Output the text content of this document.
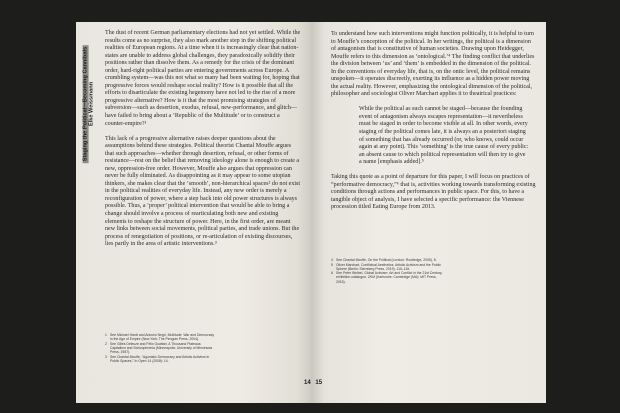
Staging the Political—Becoming Cannibals Elke Weissmann

The dust of recent German parliamentary elections had not yet settled. While the results come as no surprise, they also mark another step in the shifting political realities of European regions. At a time when it is increasingly clear that nation-states are unable to address global challenges, they paradoxically solidify their positions rather than dissolve them. As a remedy for the crisis of the dominant order, hard-right political parties are entering governments across Europe. A crumbling system—was this not what so many had been waiting for, hoping that progressive forces would reshape social reality? How is it possible that all the efforts to disarticulate the existing hegemony have not led to the rise of a more progressive alternative? How is it that the most promising strategies of subversion—such as desertion, exodus, refusal, new-performance, and glitch—have failed to bring about a ‘Republic of the Multitude’ or to construct a counter-empire?¹

This lack of a progressive alternative raises deeper questions about the assumptions behind these strategies. Political theorist Chantal Mouffe argues that such approaches—whether through desertion, refusal, or other forms of resistance—rest on the belief that removing ideology alone is enough to create a new, oppression-free order. However, Mouffe also argues that oppression can never be fully eliminated. As disappointing as it may appear to some utopian thinkers, she makes clear that the ‘smooth’, non-hierarchical spaces² do not exist in the political realities of everyday life. Instead, any new order is merely a reconfiguration of power, where a step back into old power structures is always possible. Thus, a ‘proper’ political intervention that would be able to bring a change should involve a process of rearticulating both new and existing elements to reshape the structure of power. Here, in the first order, are meant new links between social movements, political parties, and trade unions. But the process of renegotiation of positions, or re-articulation of existing discourses, lies partly in the area of artistic interventions.³

1 See Michael Hardt and Antonio Negri, Multitude: War and Democracy in the Age of Empire (New York: The Penguin Press, 2004).
2 See Gilles Deleuze and Félix Guattari, A Thousand Plateaus: Capitalism and Schizophrenia (Minneapolis: University of Minnesota Press, 1987).
3 See Chantal Mouffe, “Agonistic Democracy and Artistic Activism in Public Spaces,” In Open 14 (2008): 14.

To understand how such interventions might function politically, it is helpful to turn to Mouffe’s conception of the political. In her writings, the political is a dimension of antagonism that is constitutive of human societies. Drawing upon Heidegger, Mouffe refers to this dimension as ‘ontological.’⁴ The finding conflict that underlies the division between ‘us’ and ‘them’ is embedded in the dimension of the political. In the conventions of everyday life, that is, on the ontic level, the political remains unspoken—it operates discreetly, exerting its influence as a hidden power moving the actual reality. However, emphasizing the ontological dimension of the political, philosopher and sociologist Oliver Marchart applies it to theatrical practices:

While the political as such cannot be staged—because the founding event of antagonism always escapes representation—it nevertheless must be staged in order to become visible at all. In other words, every staging of the political comes late, it is always an a posteriori staging of something that has already occurred (or, who knows, could occur again at any point). This ‘something’ is the true cause of every public: an absent cause to which political representation will then try to give a name [emphasis added].⁵

Taking this quote as a point of departure for this paper, I will focus on practices of “performative democracy,”⁶ that is, activities working towards transforming existing conditions through actions and performances in public space. For this, to have a tangible object of analysis, I have selected a specific performance: the Viennese procession titled Eating Europe from 2013.

4 See Chantal Mouffe, On the Political (London: Routledge, 2005), 8.
5 Oliver Marchart, Conflictual Aesthetics: Artistic Activism and the Public Sphere (Berlin: Sternberg Press, 2019), 115–116.
6 See Peter Weibel, Global Activism: Art and Conflict in the 21st Century, exhibition catalogue, ZKM (Karlsruhe: Cambridge (MA): MIT Press, 2015).
14 15
